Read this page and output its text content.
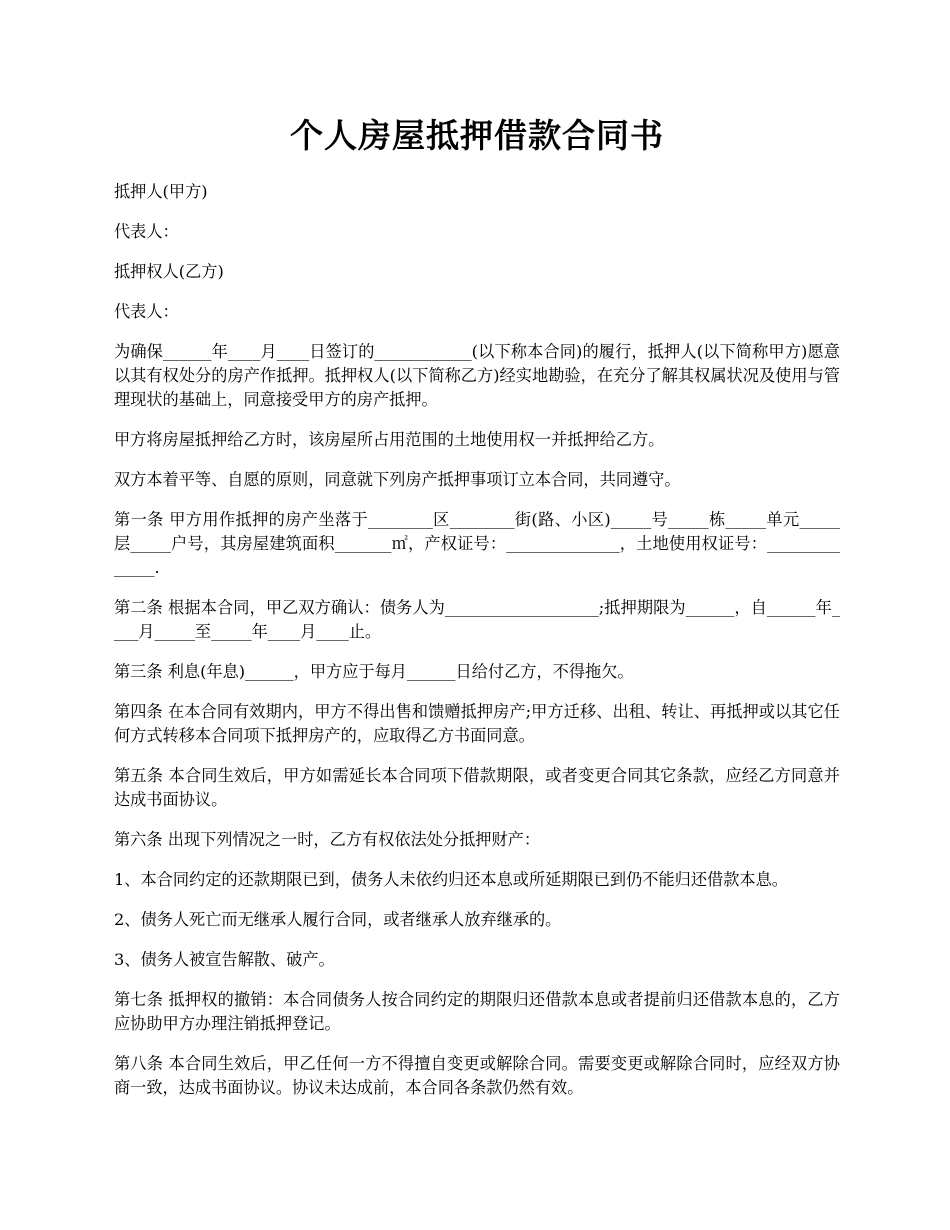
个人房屋抵押借款合同书

抵押人(甲方)

代表人：

抵押权人(乙方)

代表人：

为确保______年____月____日签订的____________(以下称本合同)的履行，抵押人(以下简称甲方)愿意以其有权处分的房产作抵押。抵押权人(以下简称乙方)经实地勘验，在充分了解其权属状况及使用与管理现状的基础上，同意接受甲方的房产抵押。

甲方将房屋抵押给乙方时，该房屋所占用范围的土地使用权一并抵押给乙方。

双方本着平等、自愿的原则，同意就下列房产抵押事项订立本合同，共同遵守。

第一条 甲方用作抵押的房产坐落于________区________街(路、小区)_____号_____栋_____单元_____层_____户号，其房屋建筑面积_______㎡，产权证号：______________，土地使用权证号：______________.

第二条 根据本合同，甲乙双方确认：债务人为___________________;抵押期限为______，自______年____月_____至_____年____月____止。

第三条 利息(年息)______，甲方应于每月______日给付乙方，不得拖欠。

第四条 在本合同有效期内，甲方不得出售和馈赠抵押房产;甲方迁移、出租、转让、再抵押或以其它任何方式转移本合同项下抵押房产的，应取得乙方书面同意。

第五条 本合同生效后，甲方如需延长本合同项下借款期限，或者变更合同其它条款，应经乙方同意并达成书面协议。

第六条 出现下列情况之一时，乙方有权依法处分抵押财产：

1、本合同约定的还款期限已到，债务人未依约归还本息或所延期限已到仍不能归还借款本息。

2、债务人死亡而无继承人履行合同，或者继承人放弃继承的。

3、债务人被宣告解散、破产。

第七条 抵押权的撤销：本合同债务人按合同约定的期限归还借款本息或者提前归还借款本息的，乙方应协助甲方办理注销抵押登记。

第八条 本合同生效后，甲乙任何一方不得擅自变更或解除合同。需要变更或解除合同时，应经双方协商一致，达成书面协议。协议未达成前，本合同各条款仍然有效。
